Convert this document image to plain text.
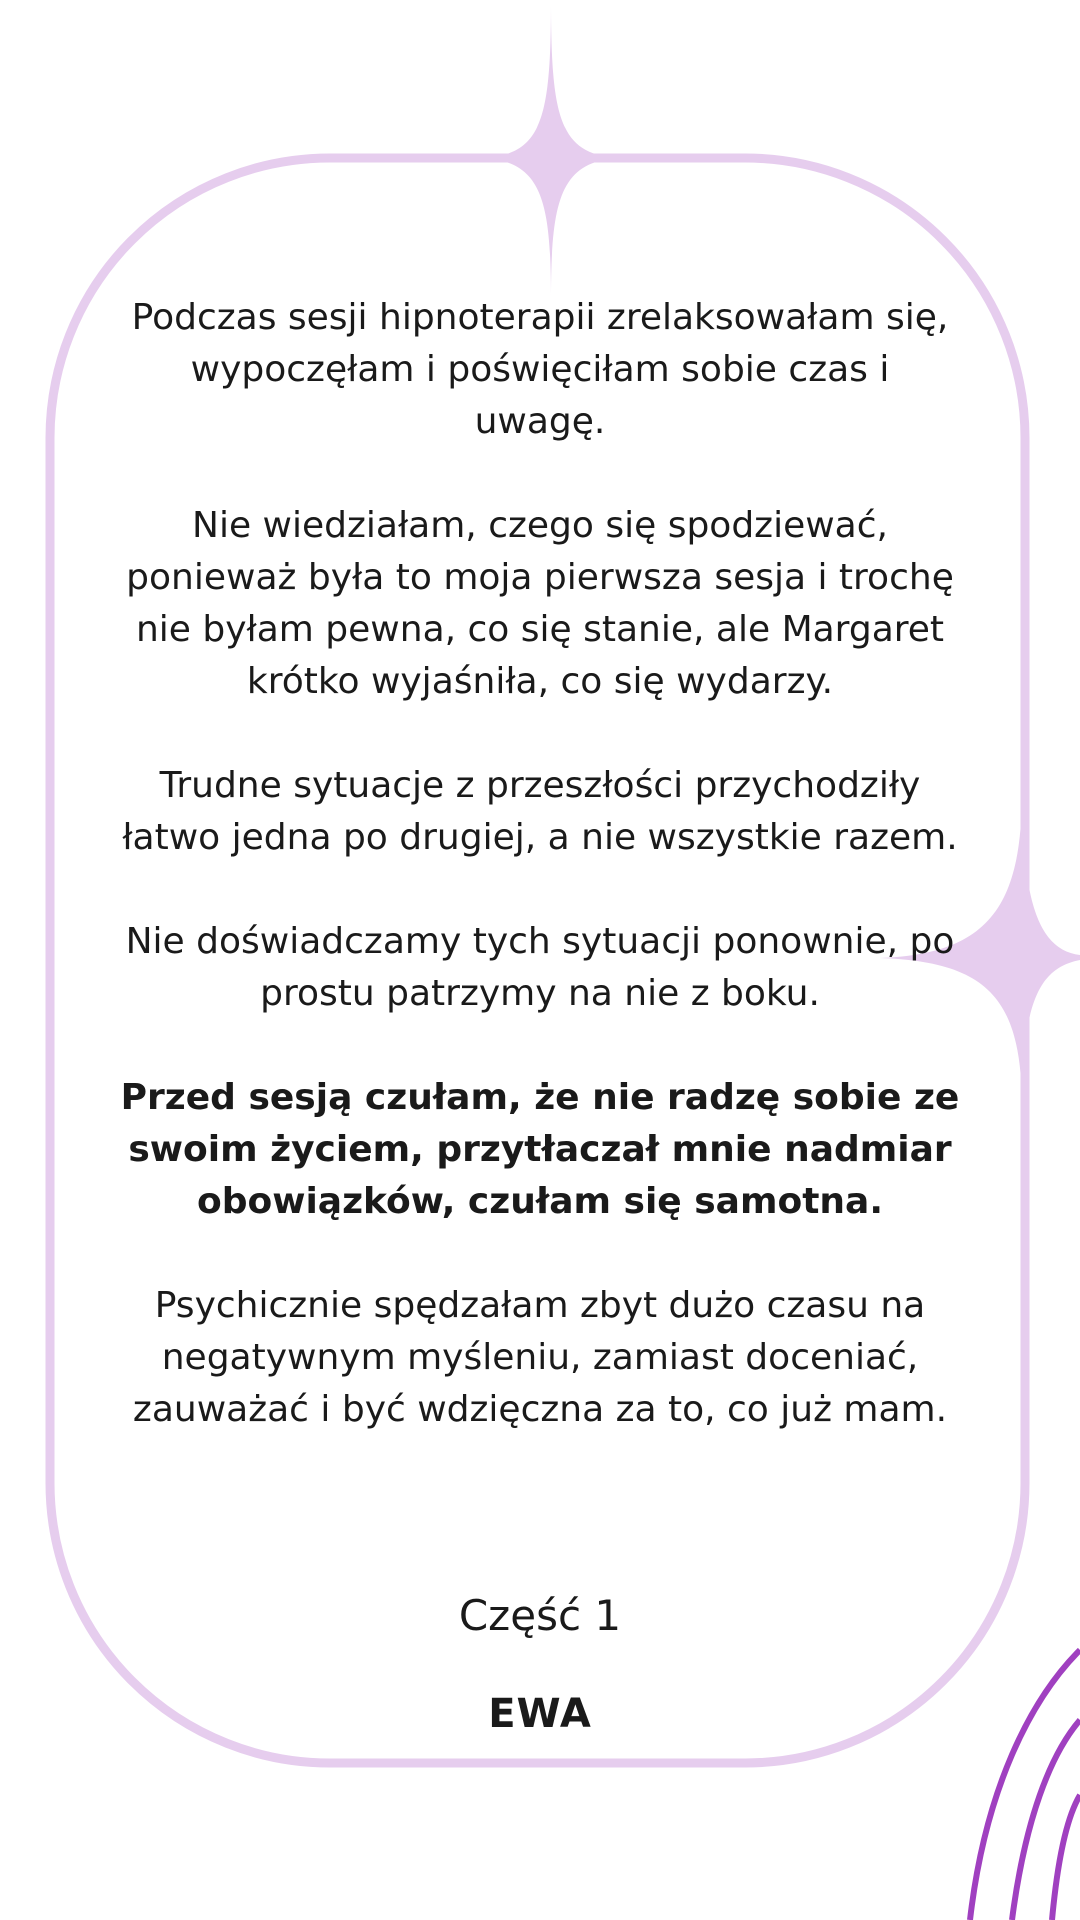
Podczas sesji hipnoterapii zrelaksowałam się, wypoczęłam i poświęciłam sobie czas i uwagę.

Nie wiedziałam, czego się spodziewać, ponieważ była to moja pierwsza sesja i trochę nie byłam pewna, co się stanie, ale Margaret krótko wyjaśniła, co się wydarzy.

Trudne sytuacje z przeszłości przychodziły łatwo jedna po drugiej, a nie wszystkie razem.

Nie doświadczamy tych sytuacji ponownie, po prostu patrzymy na nie z boku.

Przed sesją czułam, że nie radzę sobie ze swoim życiem, przytłaczał mnie nadmiar obowiązków, czułam się samotna.

Psychicznie spędzałam zbyt dużo czasu na negatywnym myśleniu, zamiast doceniać, zauważać i być wdzięczna za to, co już mam.

Część 1
EWA
